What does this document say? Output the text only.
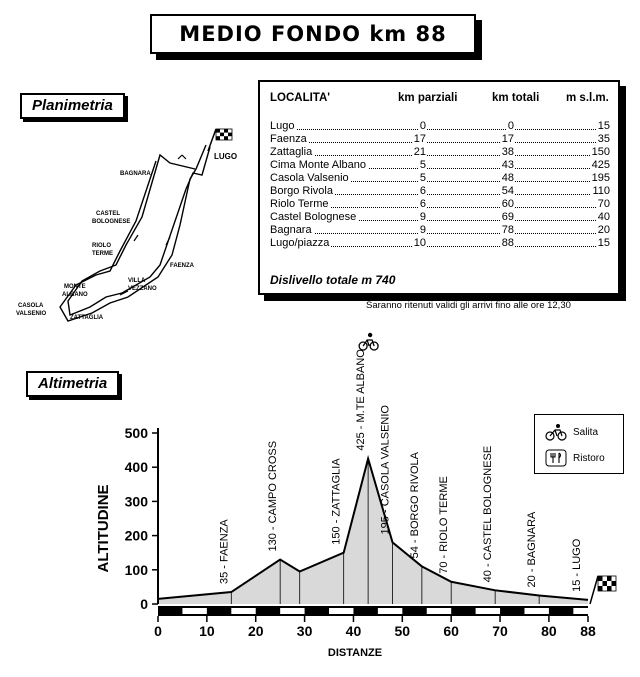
MEDIO FONDO km 88
Planimetria
LUGO
BAGNARA
CASTEL
BOLOGNESE
RIOLO
TERME
FAENZA
VILLA
VEZZANO
MONTE
ALBANO
CASOLA
VALSENIO
ZATTAGLIA
LOCALITA'	km parziali	km totali m s.l.m.
Lugo	0	0	15
Faenza	17	17	35
Zattaglia	21	38	150
Cima Monte Albano	5	43	425
Casola Valsenio	5	48	195
Borgo Rivola	6	54	110
Riolo Terme	6	60	70
Castel Bolognese	9	69	40
Bagnara	9	78	20
Lugo/piazza	10	88	15
Dislivello totale m 740
Saranno ritenuti validi gli arrivi fino alle ore 12,30
Altimetria
0
100
200
300
400
500
0	10 20 30 40 50 60 70 80 88
DISTANZE
ALTITUDINE	35 - FAENZA
130 - CAMPO CROSS	150 - ZATTAGLIA
425 - M.TE ALBANO
195 - CASOLA VALSENIO 54 - BORGO RIVOLA 70 - RIOLO TERME	40 - CASTEL BOLOGNESE	20 - BAGNARA	15 - LUGO
Salita
Ristoro
